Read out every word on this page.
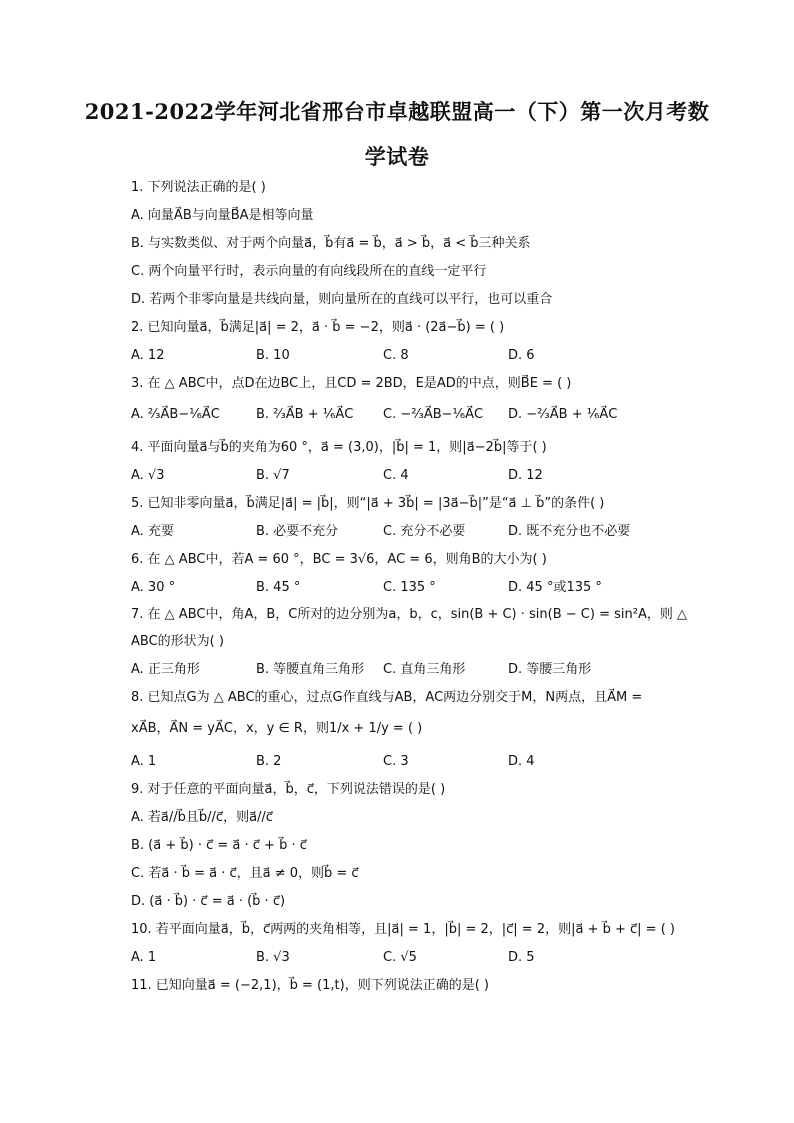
2021-2022学年河北省邢台市卓越联盟高一（下）第一次月考数
学试卷
1. 下列说法正确的是( )
A. 向量A⃗B与向量B⃗A是相等向量
B. 与实数类似、对于两个向量a⃗，b⃗有a⃗ = b⃗，a⃗ > b⃗，a⃗ < b⃗三种关系
C. 两个向量平行时，表示向量的有向线段所在的直线一定平行
D. 若两个非零向量是共线向量，则向量所在的直线可以平行，也可以重合
2. 已知向量a⃗，b⃗满足|a⃗| = 2，a⃗ · b⃗ = −2，则a⃗ · (2a⃗−b⃗) = ( )
A. 12	B. 10	C. 8	D. 6
3. 在 △ ABC中，点D在边BC上，且CD = 2BD，E是AD的中点，则B⃗E = ( )
A. ²⁄₃A⃗B−¹⁄₆A⃗C	B. ²⁄₃A⃗B + ¹⁄₆A⃗C C. −²⁄₃A⃗B−¹⁄₆A⃗C D. −²⁄₃A⃗B + ¹⁄₆A⃗C
4. 平面向量a⃗与b⃗的夹角为60 °，a⃗ = (3,0)，|b⃗| = 1，则|a⃗−2b⃗|等于( )
A. √3	B. √7	C. 4	D. 12
5. 已知非零向量a⃗，b⃗满足|a⃗| = |b⃗|，则“|a⃗ + 3b⃗| = |3a⃗−b⃗|”是“a⃗ ⊥ b⃗”的条件( )
A. 充要	B. 必要不充分	C. 充分不必要	D. 既不充分也不必要
6. 在 △ ABC中，若A = 60 °，BC = 3√6，AC = 6，则角B的大小为( )
A. 30 °	B. 45 °	C. 135 °	D. 45 °或135 °
7. 在 △ ABC中，角A，B，C所对的边分别为a，b，c，sin(B + C) · sin(B − C) = sin²A，则 △
ABC的形状为( )
A. 正三角形	B. 等腰直角三角形 C. 直角三角形	D. 等腰三角形
8. 已知点G为 △ ABC的重心，过点G作直线与AB，AC两边分别交于M，N两点，且A⃗M =
xA⃗B，A⃗N = yA⃗C，x，y ∈ R，则1/x + 1/y = ( )
A. 1	B. 2	C. 3	D. 4
9. 对于任意的平面向量a⃗，b⃗，c⃗，下列说法错误的是( )
A. 若a⃗//b⃗且b⃗//c⃗，则a⃗//c⃗
B. (a⃗ + b⃗) · c⃗ = a⃗ · c⃗ + b⃗ · c⃗
C. 若a⃗ · b⃗ = a⃗ · c⃗，且a⃗ ≠ 0，则b⃗ = c⃗
D. (a⃗ · b⃗) · c⃗ = a⃗ · (b⃗ · c⃗)
10. 若平面向量a⃗，b⃗，c⃗两两的夹角相等，且|a⃗| = 1，|b⃗| = 2，|c⃗| = 2，则|a⃗ + b⃗ + c⃗| = ( )
A. 1	B. √3	C. √5	D. 5
11. 已知向量a⃗ = (−2,1)，b⃗ = (1,t)，则下列说法正确的是( )
